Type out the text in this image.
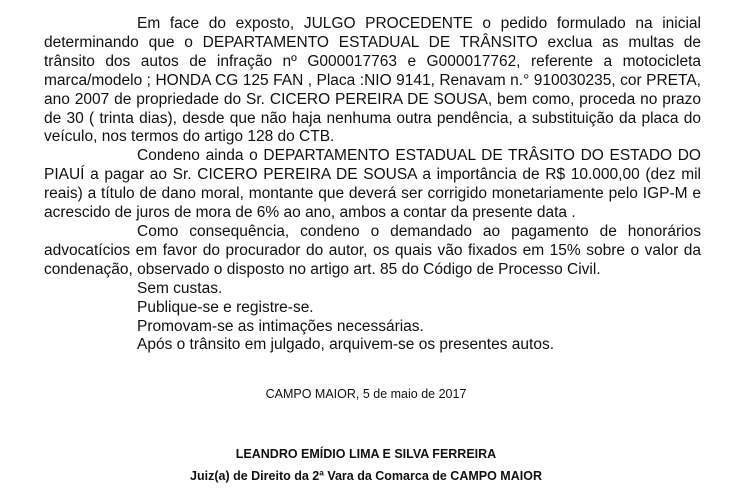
Em face do exposto, JULGO PROCEDENTE o pedido formulado na inicial determinando que o DEPARTAMENTO ESTADUAL DE TRÂNSITO exclua as multas de trânsito dos autos de infração nº G000017763 e G000017762, referente a motocicleta marca/modelo ; HONDA CG 125 FAN , Placa :NIO 9141, Renavam n.° 910030235, cor PRETA, ano 2007 de propriedade do Sr. CICERO PEREIRA DE SOUSA, bem como, proceda no prazo de 30 ( trinta dias), desde que não haja nenhuma outra pendência, a substituição da placa do veículo, nos termos do artigo 128 do CTB.

Condeno ainda o DEPARTAMENTO ESTADUAL DE TRÂSITO DO ESTADO DO PIAUÍ a pagar ao Sr. CICERO PEREIRA DE SOUSA a importância de R$ 10.000,00 (dez mil reais) a título de dano moral, montante que deverá ser corrigido monetariamente pelo IGP-M e acrescido de juros de mora de 6% ao ano, ambos a contar da presente data .

Como consequência, condeno o demandado ao pagamento de honorários advocatícios em favor do procurador do autor, os quais vão fixados em 15% sobre o valor da condenação, observado o disposto no artigo art. 85 do Código de Processo Civil.

Sem custas.

Publique-se e registre-se.

Promovam-se as intimações necessárias.

Após o trânsito em julgado, arquivem-se os presentes autos.

CAMPO MAIOR, 5 de maio de 2017
LEANDRO EMÍDIO LIMA E SILVA FERREIRA
Juiz(a) de Direito da 2ª Vara da Comarca de CAMPO MAIOR
